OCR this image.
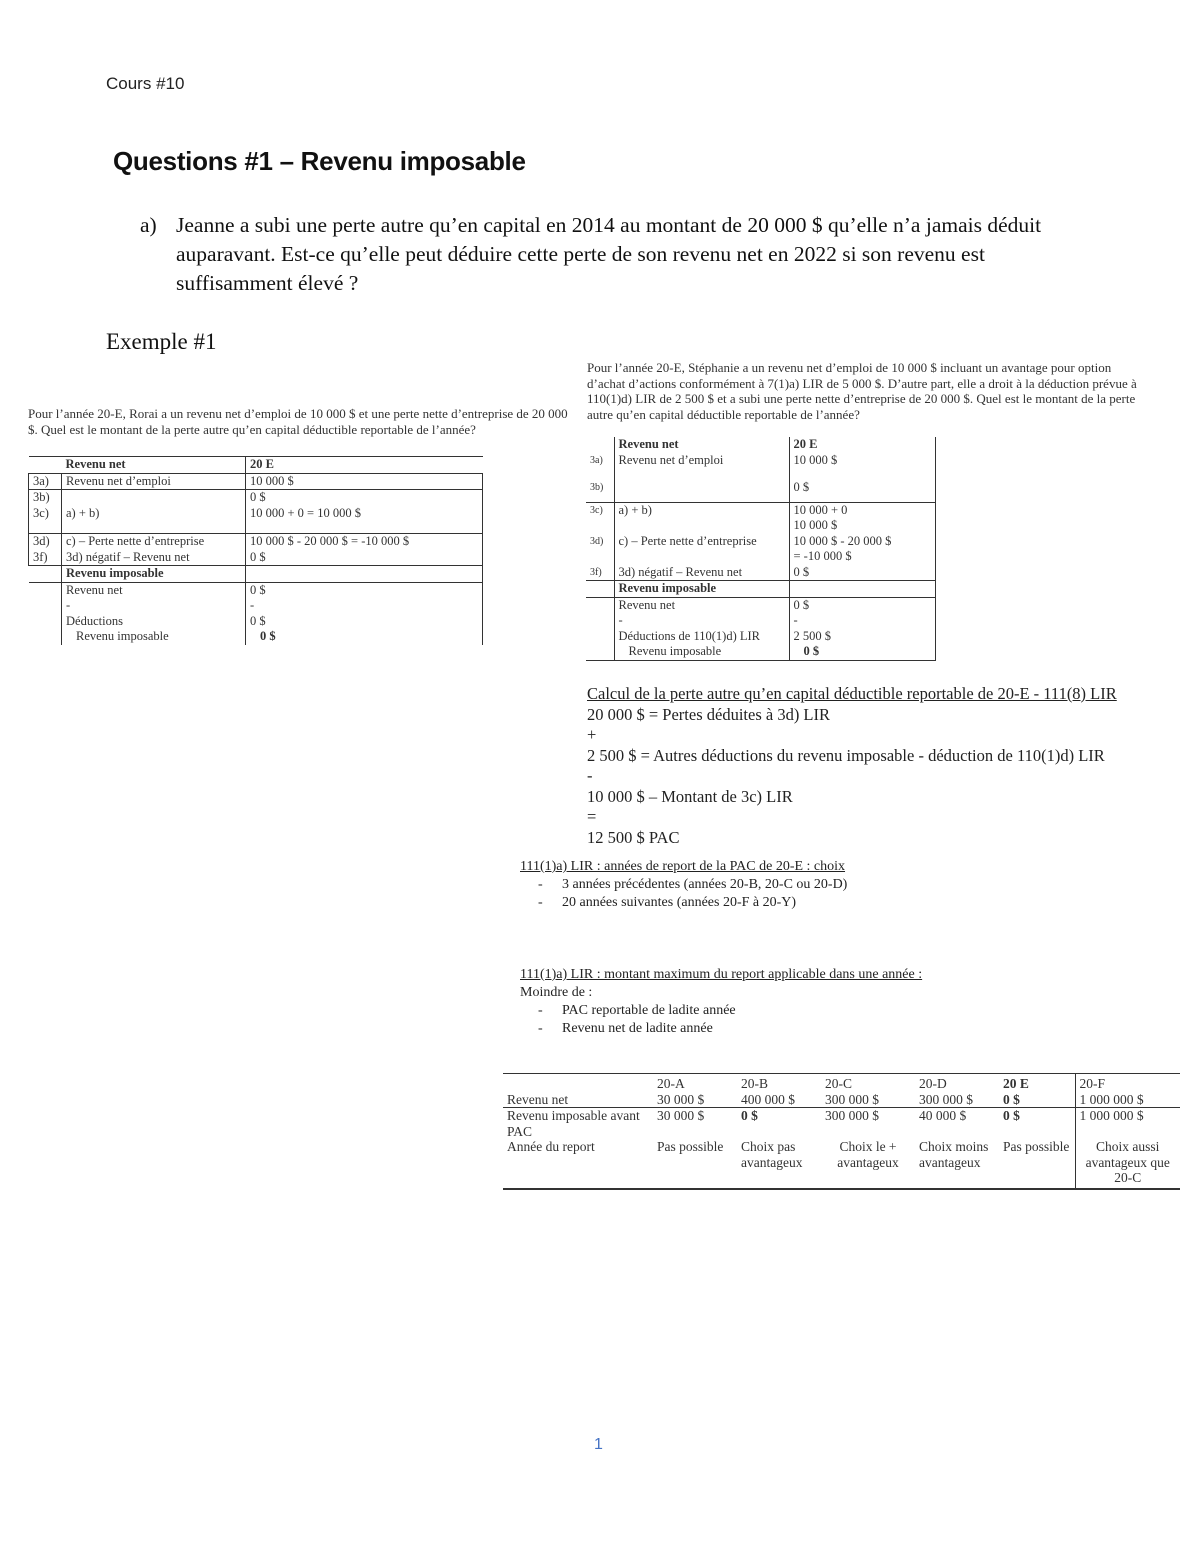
Cours #10
Questions #1 – Revenu imposable
a) Jeanne a subi une perte autre qu’en capital en 2014 au montant de 20 000 $ qu’elle n’a jamais déduit auparavant. Est-ce qu’elle peut déduire cette perte de son revenu net en 2022 si son revenu est suffisamment élevé ?
Exemple #1
Pour l’année 20-E, Rorai a un revenu net d’emploi de 10 000 $ et une perte nette d’entreprise de 20 000 $. Quel est le montant de la perte autre qu’en capital déductible reportable de l’année?
	Revenu net	20 E
3a)	Revenu net d’emploi	10 000 $
3b)		0 $
3c)	a) + b)	10 000 + 0 = 10 000 $
3d)	c) – Perte nette d’entreprise	10 000 $ - 20 000 $ = -10 000 $
3f)	3d) négatif – Revenu net	0 $
	Revenu imposable	
	Revenu net	0 $
	-	-
	Déductions	0 $
	Revenu imposable	0 $
Pour l’année 20-E, Stéphanie a un revenu net d’emploi de 10 000 $ incluant un avantage pour option d’achat d’actions conformément à 7(1)a) LIR de 5 000 $. D’autre part, elle a droit à la déduction prévue à 110(1)d) LIR de 2 500 $ et a subi une perte nette d’entreprise de 20 000 $. Quel est le montant de la perte autre qu’en capital déductible reportable de l’année?
	Revenu net	20 E
3a)	Revenu net d’emploi	10 000 $
3b)		0 $
3c)	a) + b)	10 000 + 0
10 000 $
3d)	c) – Perte nette d’entreprise	10 000 $ - 20 000 $
= -10 000 $
3f)	3d) négatif – Revenu net	0 $
	Revenu imposable	
	Revenu net	0 $
	-	-
	Déductions de 110(1)d) LIR	2 500 $
	Revenu imposable	0 $
Calcul de la perte autre qu’en capital déductible reportable de 20-E - 111(8) LIR
20 000 $ = Pertes déduites à 3d) LIR
+
2 500 $ = Autres déductions du revenu imposable - déduction de 110(1)d) LIR
-
10 000 $ – Montant de 3c) LIR
=
12 500 $ PAC
111(1)a) LIR : années de report de la PAC de 20-E : choix
- 3 années précédentes (années 20-B, 20-C ou 20-D)
- 20 années suivantes (années 20-F à 20-Y)
111(1)a) LIR : montant maximum du report applicable dans une année :
Moindre de :
- PAC reportable de ladite année
- Revenu net de ladite année
	20-A	20-B	20-C	20-D	20 E	20-F
Revenu net	30 000 $	400 000 $	300 000 $	300 000 $	0 $	1 000 000 $
Revenu imposable avant PAC	30 000 $	0 $	300 000 $	40 000 $	0 $	1 000 000 $
Année du report	Pas possible	Choix pas avantageux	Choix le + avantageux	Choix moins avantageux	Pas possible	Choix aussi avantageux que 20-C
1
